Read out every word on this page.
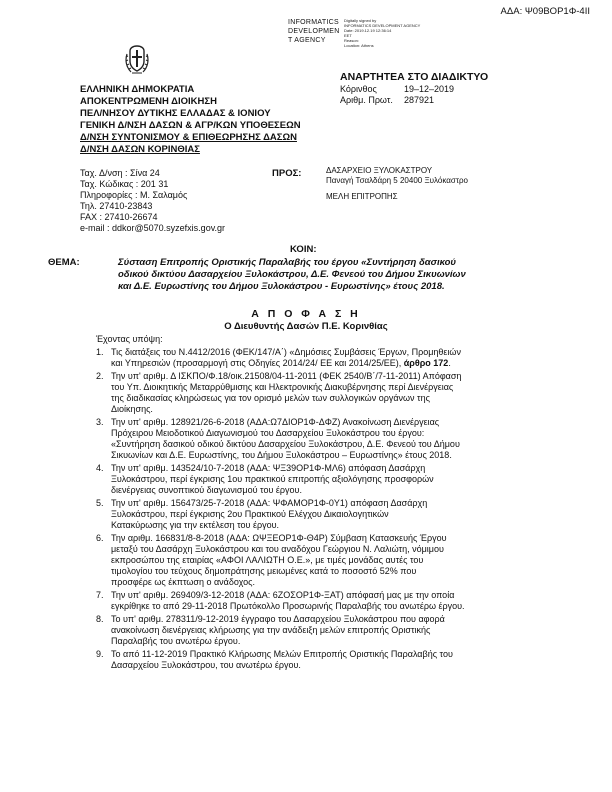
ΑΔΑ: Ψ09ΒΟΡ1Φ-4ΙΙ
INFORMATICS
DEVELOPMEN
T AGENCY
Digitally signed by
INFORMATICS DEVELOPMENT AGENCY
Date: 2019.12.19 12:36:14
EET
Reason:
Location: Athens
ΕΛΛΗΝΙΚΗ ΔΗΜΟΚΡΑΤΙΑ
ΑΠΟΚΕΝΤΡΩΜΕΝΗ ΔΙΟΙΚΗΣΗ
ΠΕΛ/ΝΗΣΟΥ ΔΥΤΙΚΗΣ ΕΛΛΑΔΑΣ & ΙΟΝΙΟΥ
ΓΕΝΙΚΗ Δ/ΝΣΗ ΔΑΣΩΝ & ΑΓΡ/ΚΩΝ ΥΠΟΘΕΣΕΩΝ
Δ/ΝΣΗ ΣΥΝΤΟΝΙΣΜΟΥ & ΕΠΙΘΕΩΡΗΣΗΣ ΔΑΣΩΝ
Δ/ΝΣΗ ΔΑΣΩΝ ΚΟΡΙΝΘΙΑΣ
ΑΝΑΡΤΗΤΕΑ ΣΤΟ ΔΙΑΔΙΚΤΥΟ
Κόρινθος	19–12–2019
Αριθμ. Πρωτ.	287921
Ταχ. Δ/νση : Σίνα 24
Ταχ. Κώδικας : 201 31
Πληροφορίες : Μ. Σαλαμός
Τηλ. 27410-23843
FAX : 27410-26674
e-mail : ddkor@5070.syzefxis.gov.gr
ΠΡΟΣ:	ΔΑΣΑΡΧΕΙΟ ΞΥΛΟΚΑΣΤΡΟΥ
Παναγή Τσαλδάρη 5 20400 Ξυλόκαστρο
ΜΕΛΗ ΕΠΙΤΡΟΠΗΣ
ΚΟΙΝ:
ΘΕΜΑ:	Σύσταση Επιτροπής Οριστικής Παραλαβής του έργου «Συντήρηση δασικού
οδικού δικτύου Δασαρχείου Ξυλοκάστρου, Δ.Ε. Φενεού του Δήμου Σικυωνίων
και Δ.Ε. Ευρωστίνης του Δήμου Ξυλοκάστρου - Ευρωστίνης» έτους 2018.
Α Π Ο Φ Α Σ Η
Ο Διευθυντής Δασών Π.Ε. Κορινθίας
Έχοντας υπόψη:
1. Τις διατάξεις του Ν.4412/2016 (ΦΕΚ/147/Α΄) «Δημόσιες Συμβάσεις Έργων, Προμηθειών
και Υπηρεσιών (προσαρμογή στις Οδηγίες 2014/24/ ΕΕ και 2014/25/ΕΕ), άρθρο 172.
2. Την υπ' αριθμ. Δ ΙΣΚΠΟ/Φ.18/οικ.21508/04-11-2011 (ΦΕΚ 2540/Β΄/7-11-2011) Απόφαση
του Υπ. Διοικητικής Μεταρρύθμισης και Ηλεκτρονικής Διακυβέρνησης περί Διενέργειας
της διαδικασίας κληρώσεως για τον ορισμό μελών των συλλογικών οργάνων της
Διοίκησης.
3. Την υπ' αριθμ. 128921/26-6-2018 (ΑΔΑ:Ω7ΔΙΟΡ1Φ-ΔΦΖ) Ανακοίνωση Διενέργειας
Πρόχειρου Μειοδοτικού Διαγωνισμού του Δασαρχείου Ξυλοκάστρου του έργου:
«Συντήρηση δασικού οδικού δικτύου Δασαρχείου Ξυλοκάστρου, Δ.Ε. Φενεού του Δήμου
Σικυωνίων και Δ.Ε. Ευρωστίνης, του Δήμου Ξυλοκάστρου – Ευρωστίνης» έτους 2018.
4. Την υπ' αριθμ. 143524/10-7-2018 (ΑΔΑ: ΨΞ39ΟΡ1Φ-ΜΛ6) απόφαση Δασάρχη
Ξυλοκάστρου, περί έγκρισης 1ου πρακτικού επιτροπής αξιολόγησης προσφορών
διενέργειας συνοπτικού διαγωνισμού του έργου.
5. Την υπ' αριθμ. 156473/25-7-2018 (ΑΔΑ: ΨΦΑΜΟΡ1Φ-0Υ1) απόφαση Δασάρχη
Ξυλοκάστρου, περί έγκρισης 2ου Πρακτικού Ελέγχου Δικαιολογητικών
Κατακύρωσης για την εκτέλεση του έργου.
6. Την αριθμ. 166831/8-8-2018 (ΑΔΑ: ΩΨΞΕΟΡ1Φ-Θ4Ρ) Σύμβαση Κατασκευής Έργου
μεταξύ του Δασάρχη Ξυλοκάστρου και του αναδόχου Γεώργιου Ν. Λαλιώτη, νόμιμου
εκπροσώπου της εταιρίας «ΑΦΟΙ ΛΑΛΙΩΤΗ Ο.Ε.», με τιμές μονάδας αυτές του
τιμολογίου του τεύχους δημοπράτησης μειωμένες κατά το ποσοστό 52% που
προσφέρε ως έκπτωση ο ανάδοχος.
7. Την υπ' αριθμ. 269409/3-12-2018 (ΑΔΑ: 6ΖΟΣΟΡ1Φ-ΞΑΤ) απόφασή μας με την οποία
εγκρίθηκε το από 29-11-2018 Πρωτόκολλο Προσωρινής Παραλαβής του ανωτέρω έργου.
8. Το υπ' αριθμ. 278311/9-12-2019 έγγραφο του Δασαρχείου Ξυλοκάστρου που αφορά
ανακοίνωση διενέργειας κλήρωσης για την ανάδειξη μελών επιτροπής Οριστικής
Παραλαβής του ανωτέρω έργου.
9. Το από 11-12-2019 Πρακτικό Κλήρωσης Μελών Επιτροπής Οριστικής Παραλαβής του
Δασαρχείου Ξυλοκάστρου, του ανωτέρω έργου.
